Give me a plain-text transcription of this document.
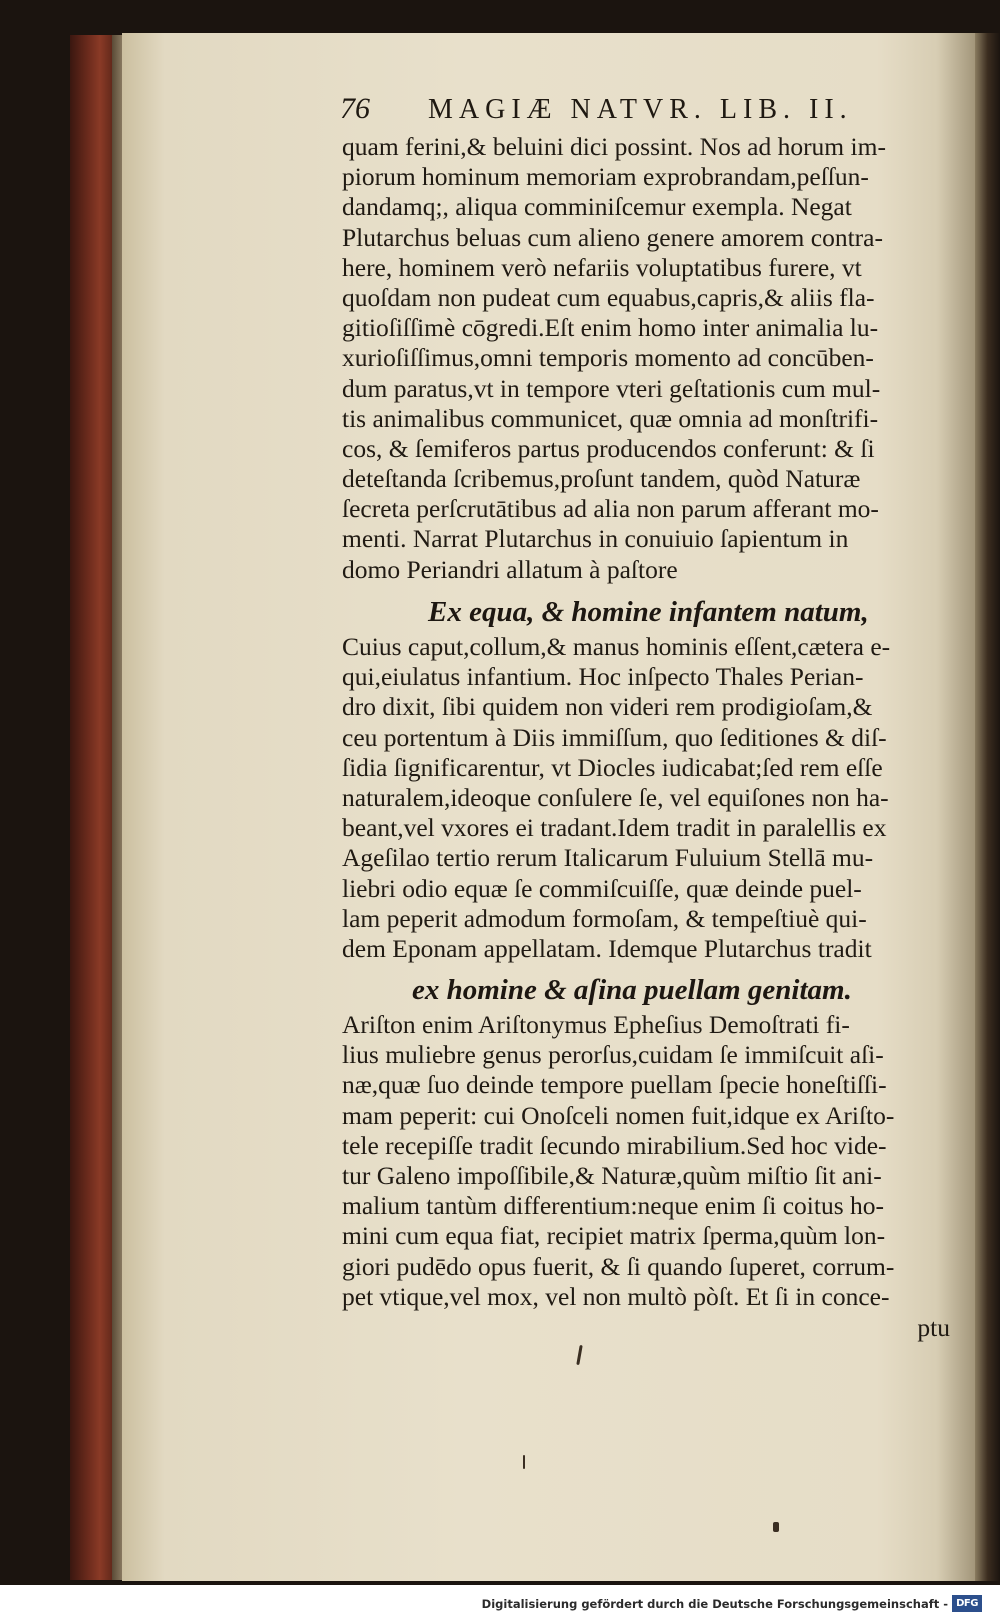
76 MAGIÆ NATVR. LIB. II.
quam ferini,& beluini dici possint. Nos ad horum im-
piorum hominum memoriam exprobrandam,peſſun-
dandamq;, aliqua comminiſcemur exempla. Negat
Plutarchus beluas cum alieno genere amorem contra-
here, hominem verò nefariis voluptatibus furere, vt
quoſdam non pudeat cum equabus,capris,& aliis fla-
gitioſiſſimè cōgredi.Eſt enim homo inter animalia lu-
xurioſiſſimus,omni temporis momento ad concūben-
dum paratus,vt in tempore vteri geſtationis cum mul-
tis animalibus communicet, quæ omnia ad monſtrifi-
cos, & ſemiferos partus producendos conferunt: & ſi
deteſtanda ſcribemus,proſunt tandem, quòd Naturæ
ſecreta perſcrutātibus ad alia non parum afferant mo-
menti. Narrat Plutarchus in conuiuio ſapientum in
domo Periandri allatum à paſtore
Ex equa, & homine infantem natum,
Cuius caput,collum,& manus hominis eſſent,cætera e-
qui,eiulatus infantium. Hoc inſpecto Thales Perian-
dro dixit, ſibi quidem non videri rem prodigioſam,&
ceu portentum à Diis immiſſum, quo ſeditiones & diſ-
ſidia ſignificarentur, vt Diocles iudicabat;ſed rem eſſe
naturalem,ideoque conſulere ſe, vel equiſones non ha-
beant,vel vxores ei tradant.Idem tradit in paralellis ex
Ageſilao tertio rerum Italicarum Fuluium Stellā mu-
liebri odio equæ ſe commiſcuiſſe, quæ deinde puel-
lam peperit admodum formoſam, & tempeſtiuè qui-
dem Eponam appellatam. Idemque Plutarchus tradit
ex homine & aſina puellam genitam.
Ariſton enim Ariſtonymus Epheſius Demoſtrati fi-
lius muliebre genus perorſus,cuidam ſe immiſcuit aſi-
næ,quæ ſuo deinde tempore puellam ſpecie honeſtiſſi-
mam peperit: cui Onoſceli nomen fuit,idque ex Ariſto-
tele recepiſſe tradit ſecundo mirabilium.Sed hoc vide-
tur Galeno impoſſibile,& Naturæ,quùm miſtio ſit ani-
malium tantùm differentium:neque enim ſi coitus ho-
mini cum equa fiat, recipiet matrix ſperma,quùm lon-
giori pudēdo opus fuerit, & ſi quando ſuperet, corrum-
pet vtique,vel mox, vel non multò pòſt. Et ſi in conce-
ptu
Digitalisierung gefördert durch die Deutsche Forschungsgemeinschaft - DFG
